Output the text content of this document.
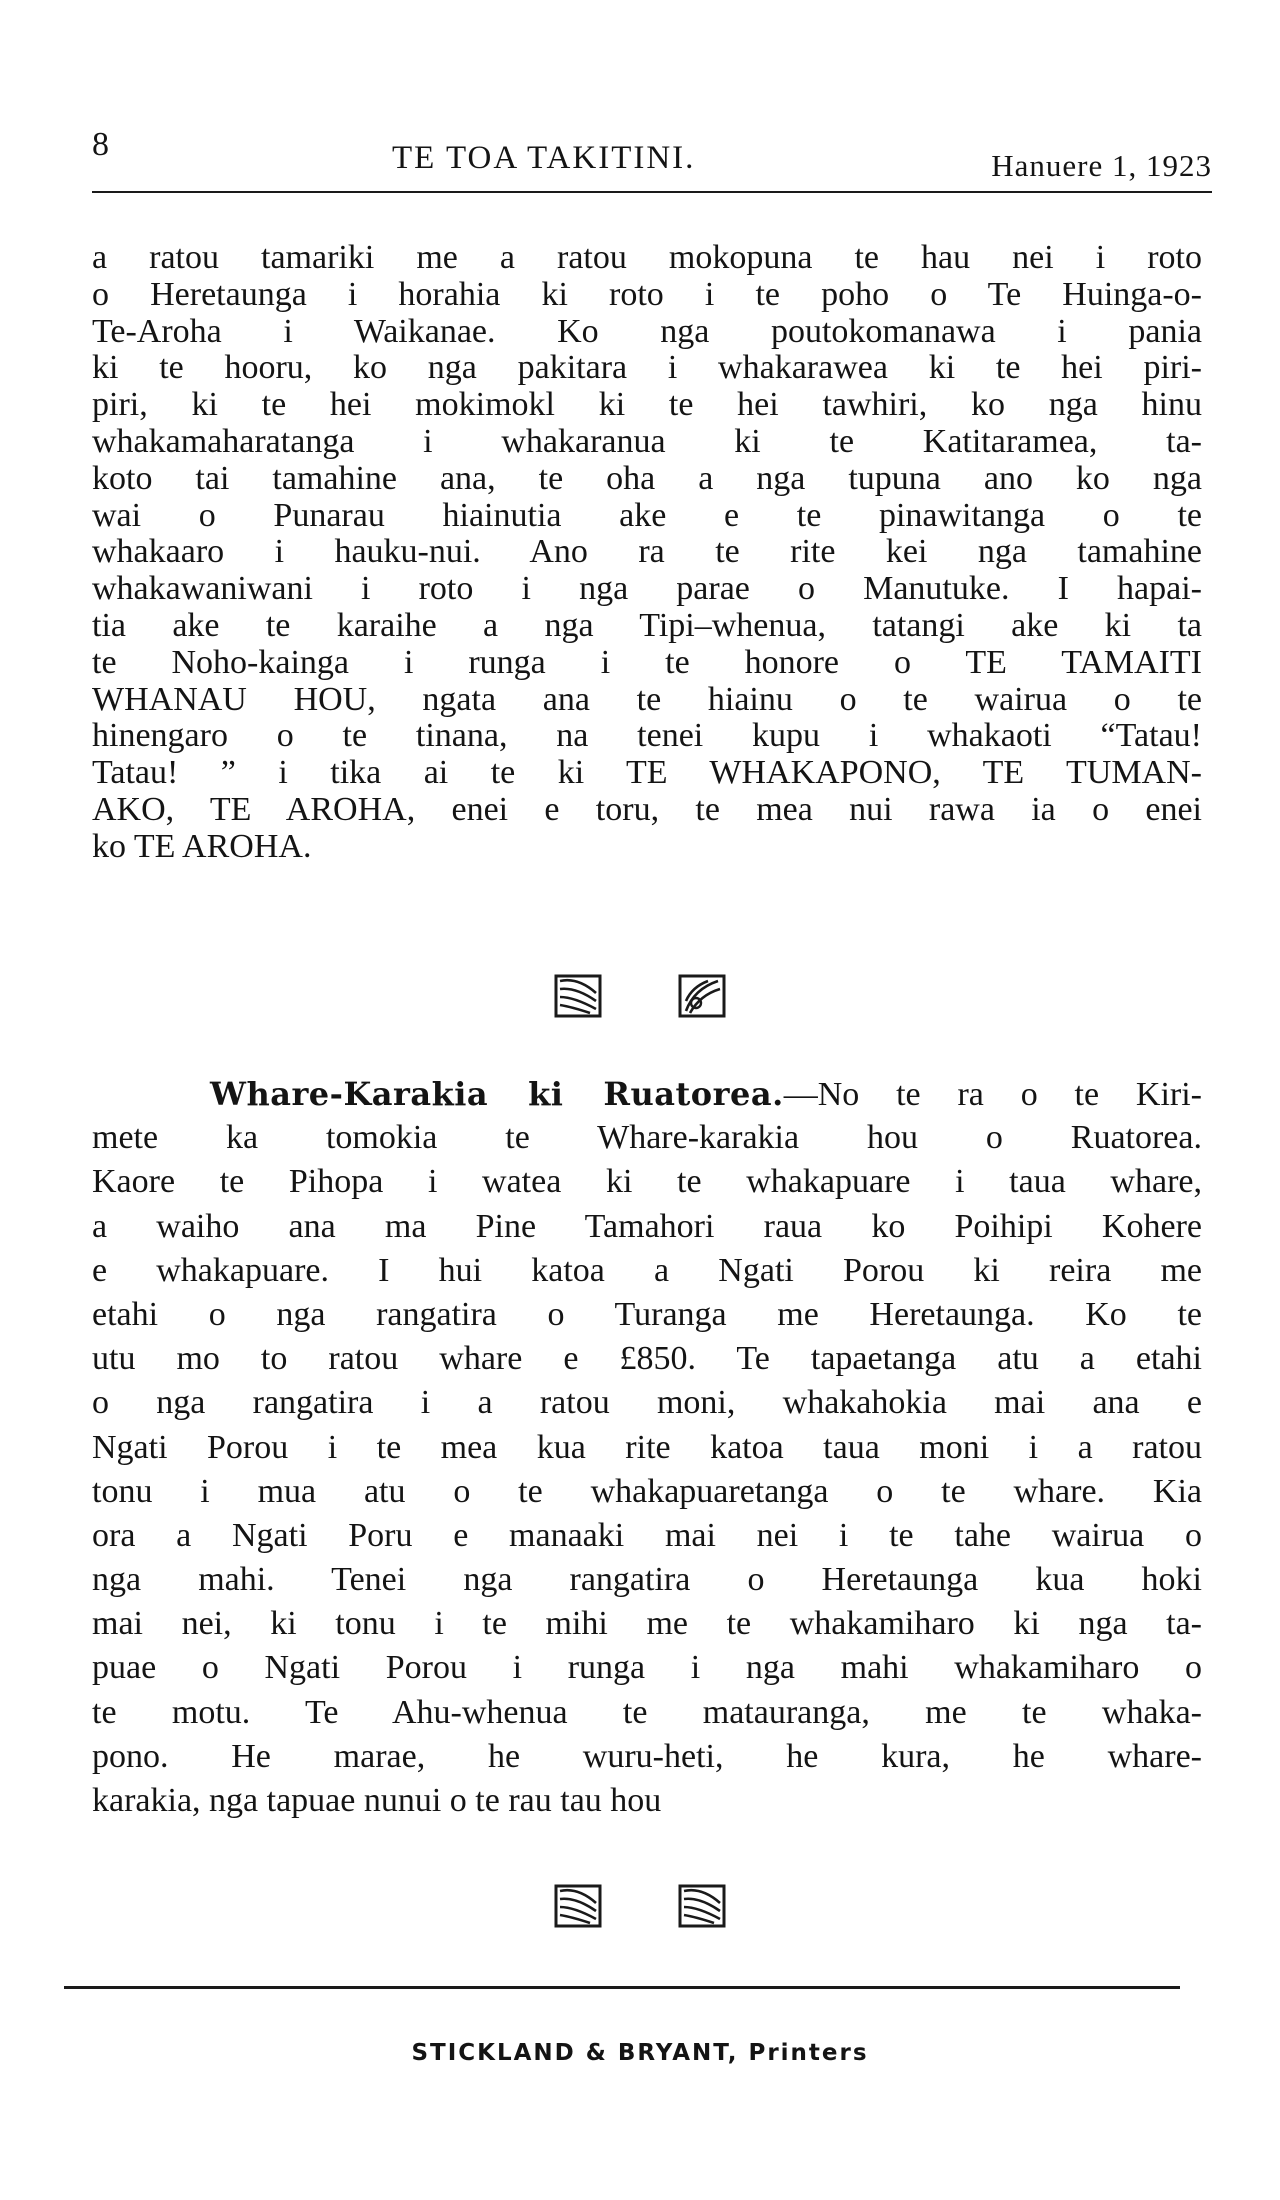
8	TE TOA TAKITINI.	Hanuere 1, 1923
a ratou tamariki me a ratou mokopuna te hau nei i roto
o Heretaunga i horahia ki roto i te poho o Te Huinga-o-
Te-Aroha i Waikanae. Ko nga poutokomanawa i pania
ki te hooru, ko nga pakitara i whakarawea ki te hei piri-
piri, ki te hei mokimokl ki te hei tawhiri, ko nga hinu
whakamaharatanga i whakaranua ki te Katitaramea, ta-
koto tai tamahine ana, te oha a nga tupuna ano ko nga
wai o Punarau hiainutia ake e te pinawitanga o te
whakaaro i hauku-nui. Ano ra te rite kei nga tamahine
whakawaniwani i roto i nga parae o Manutuke. I hapai-
tia ake te karaihe a nga Tipi–whenua, tatangi ake ki ta
te Noho-kainga i runga i te honore o TE TAMAITI
WHANAU HOU, ngata ana te hiainu o te wairua o te
hinengaro o te tinana, na tenei kupu i whakaoti “Tatau!
Tatau! ” i tika ai te ki TE WHAKAPONO, TE TUMAN-
AKO, TE AROHA, enei e toru, te mea nui rawa ia o enei
ko TE AROHA.
Whare-Karakia ki Ruatorea.—No te ra o te Kiri-
mete ka tomokia te Whare-karakia hou o Ruatorea.
Kaore te Pihopa i watea ki te whakapuare i taua whare,
a waiho ana ma Pine Tamahori raua ko Poihipi Kohere
e whakapuare. I hui katoa a Ngati Porou ki reira me
etahi o nga rangatira o Turanga me Heretaunga. Ko te
utu mo to ratou whare e £850. Te tapaetanga atu a etahi
o nga rangatira i a ratou moni, whakahokia mai ana e
Ngati Porou i te mea kua rite katoa taua moni i a ratou
tonu i mua atu o te whakapuaretanga o te whare. Kia
ora a Ngati Poru e manaaki mai nei i te tahe wairua o
nga mahi. Tenei nga rangatira o Heretaunga kua hoki
mai nei, ki tonu i te mihi me te whakamiharo ki nga ta-
puae o Ngati Porou i runga i nga mahi whakamiharo o
te motu. Te Ahu-whenua te matauranga, me te whaka-
pono. He marae, he wuru-heti, he kura, he whare-
karakia, nga tapuae nunui o te rau tau hou
STICKLAND & BRYANT, Printers
